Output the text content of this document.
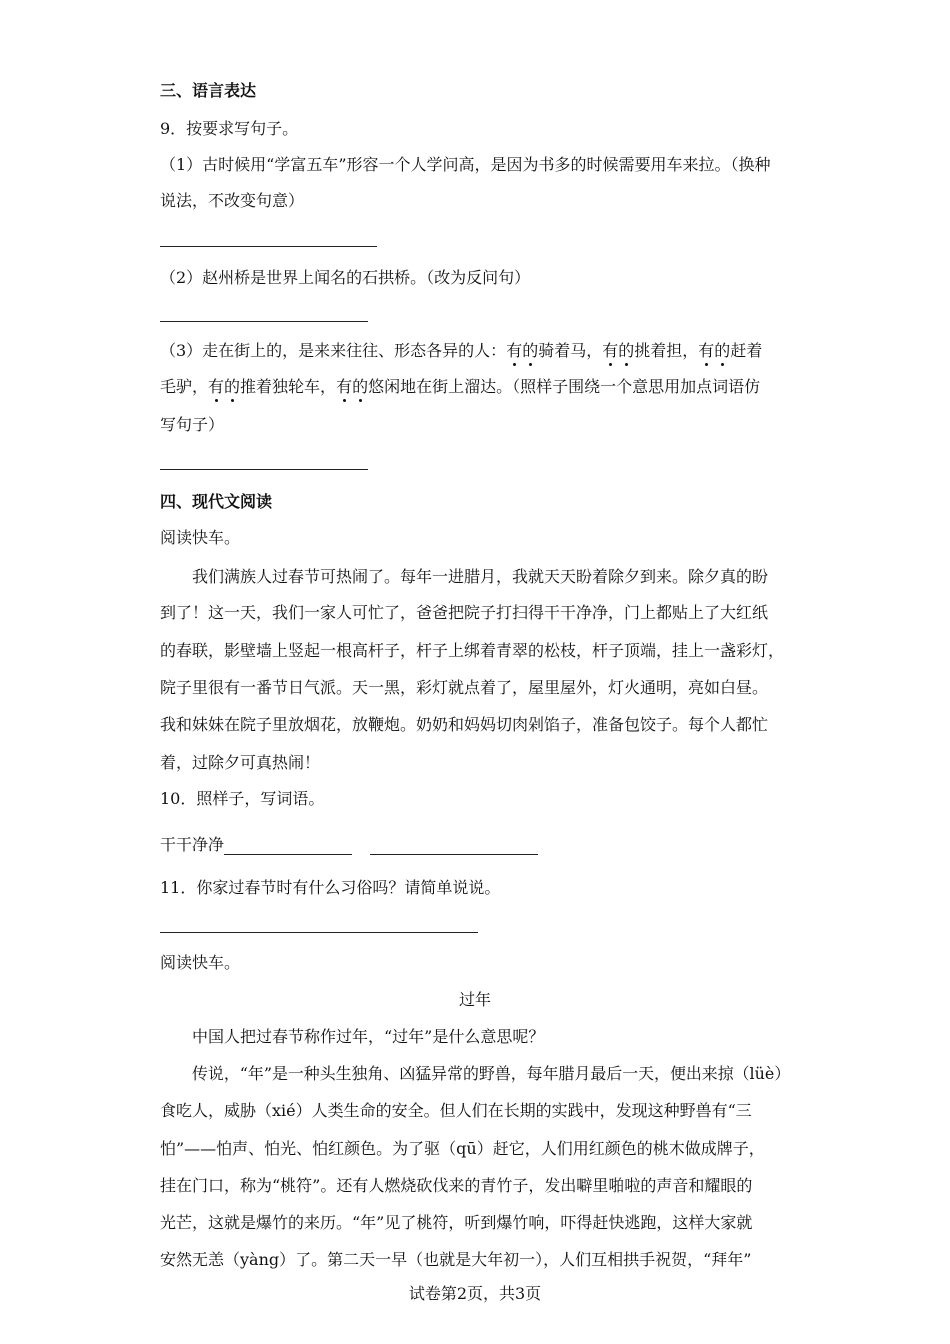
三、语言表达
9．按要求写句子。
（1）古时候用“学富五车”形容一个人学问高，是因为书多的时候需要用车来拉。（换种
说法，不改变句意）
（2）赵州桥是世界上闻名的石拱桥。（改为反问句）
（3）走在街上的，是来来往往、形态各异的人：有的骑着马，有的挑着担，有的赶着
毛驴，有的推着独轮车，有的悠闲地在街上溜达。（照样子围绕一个意思用加点词语仿
写句子）
四、现代文阅读
阅读快车。
我们满族人过春节可热闹了。每年一进腊月，我就天天盼着除夕到来。除夕真的盼
到了！这一天，我们一家人可忙了，爸爸把院子打扫得干干净净，门上都贴上了大红纸
的春联，影壁墙上竖起一根高杆子，杆子上绑着青翠的松枝，杆子顶端，挂上一盏彩灯，
院子里很有一番节日气派。天一黑，彩灯就点着了，屋里屋外，灯火通明，亮如白昼。
我和妹妹在院子里放烟花，放鞭炮。奶奶和妈妈切肉剁馅子，准备包饺子。每个人都忙
着，过除夕可真热闹！
10．照样子，写词语。
干干净净
11．你家过春节时有什么习俗吗？请简单说说。
阅读快车。
过年
中国人把过春节称作过年，“过年”是什么意思呢？
传说，“年”是一种头生独角、凶猛异常的野兽，每年腊月最后一天，便出来掠（lüè）
食吃人，威胁（xié）人类生命的安全。但人们在长期的实践中，发现这种野兽有“三
怕”——怕声、怕光、怕红颜色。为了驱（qū）赶它，人们用红颜色的桃木做成牌子，
挂在门口，称为“桃符”。还有人燃烧砍伐来的青竹子，发出噼里啪啦的声音和耀眼的
光芒，这就是爆竹的来历。“年”见了桃符，听到爆竹响，吓得赶快逃跑，这样大家就
安然无恙（yàng）了。第二天一早（也就是大年初一），人们互相拱手祝贺，“拜年”
试卷第2页，共3页
